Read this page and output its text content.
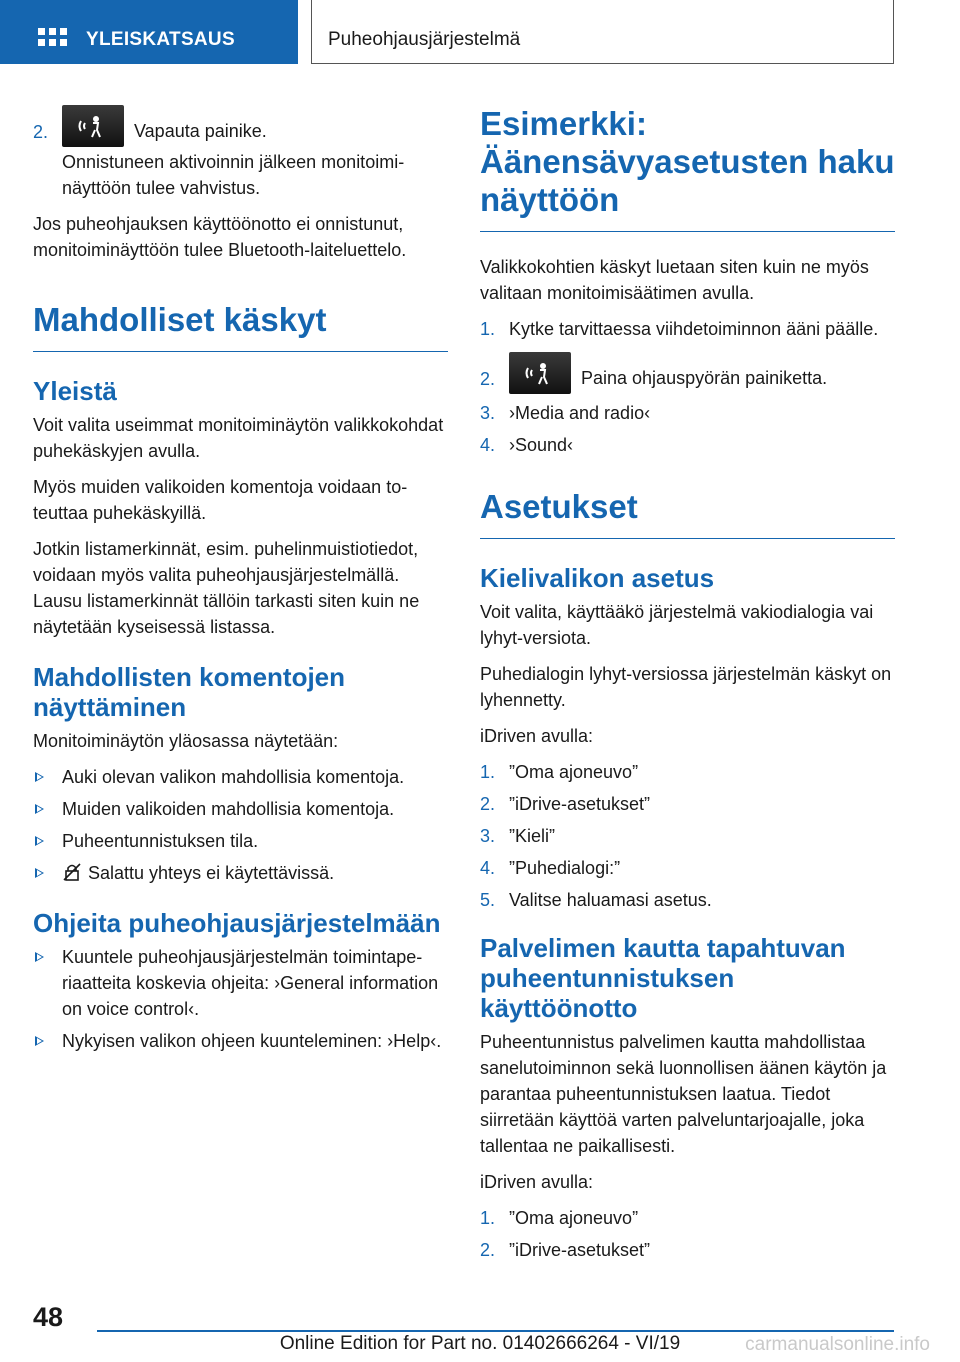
YLEISKATSAUS	Puheohjausjärjestelmä
2.	Vapauta painike.

Onnistuneen aktivoinnin jälkeen monitoiminäyttöön tulee vahvistus.

Jos puheohjauksen käyttöönotto ei onnistunut, monitoiminäyttöön tulee Bluetooth-laiteluettelo.

Mahdolliset käskyt
Yleistä

Voit valita useimmat monitoiminäytön valikkokohdat puhekäskyjen avulla.

Myös muiden valikoiden komentoja voidaan toteuttaa puhekäskyillä.

Jotkin listamerkinnät, esim. puhelinmuistiotiedot, voidaan myös valita puheohjausjärjestelmällä. Lausu listamerkinnät tällöin tarkasti siten kuin ne näytetään kyseisessä listassa.

Mahdollisten komentojen näyttäminen

Monitoiminäytön yläosassa näytetään:

Auki olevan valikon mahdollisia komentoja.
Muiden valikoiden mahdollisia komentoja.
Puheentunnistuksen tila.
Salattu yhteys ei käytettävissä.
Ohjeita puheohjausjärjestelmään
Kuuntele puheohjausjärjestelmän toimintaperiaatteita koskevia ohjeita: ›General information on voice control‹.
Nykyisen valikon ohjeen kuunteleminen: ›Help‹.
Esimerkki: Äänensävyasetusten haku näyttöön

Valikkokohtien käskyt luetaan siten kuin ne myös valitaan monitoimisäätimen avulla.

1. Kytke tarvittaessa viihdetoiminnon ääni päälle.
2.	Paina ohjauspyörän painiketta.
3. ›Media and radio‹
4. ›Sound‹
Asetukset
Kielivalikon asetus

Voit valita, käyttääkö järjestelmä vakiodialogia vai lyhyt-versiota.

Puhedialogin lyhyt-versiossa järjestelmän käskyt on lyhennetty.

iDriven avulla:

1. ”Oma ajoneuvo”
2. ”iDrive-asetukset”
3. ”Kieli”
4. ”Puhedialogi:”
5. Valitse haluamasi asetus.
Palvelimen kautta tapahtuvan puheentunnistuksen käyttöönotto

Puheentunnistus palvelimen kautta mahdollistaa sanelutoiminnon sekä luonnollisen äänen käytön ja parantaa puheentunnistuksen laatua. Tiedot siirretään käyttöä varten palveluntarjoajalle, joka tallentaa ne paikallisesti.

iDriven avulla:

1. ”Oma ajoneuvo”
2. ”iDrive-asetukset”
48
Online Edition for Part no. 01402666264 - VI/19	carmanualsonline.info
